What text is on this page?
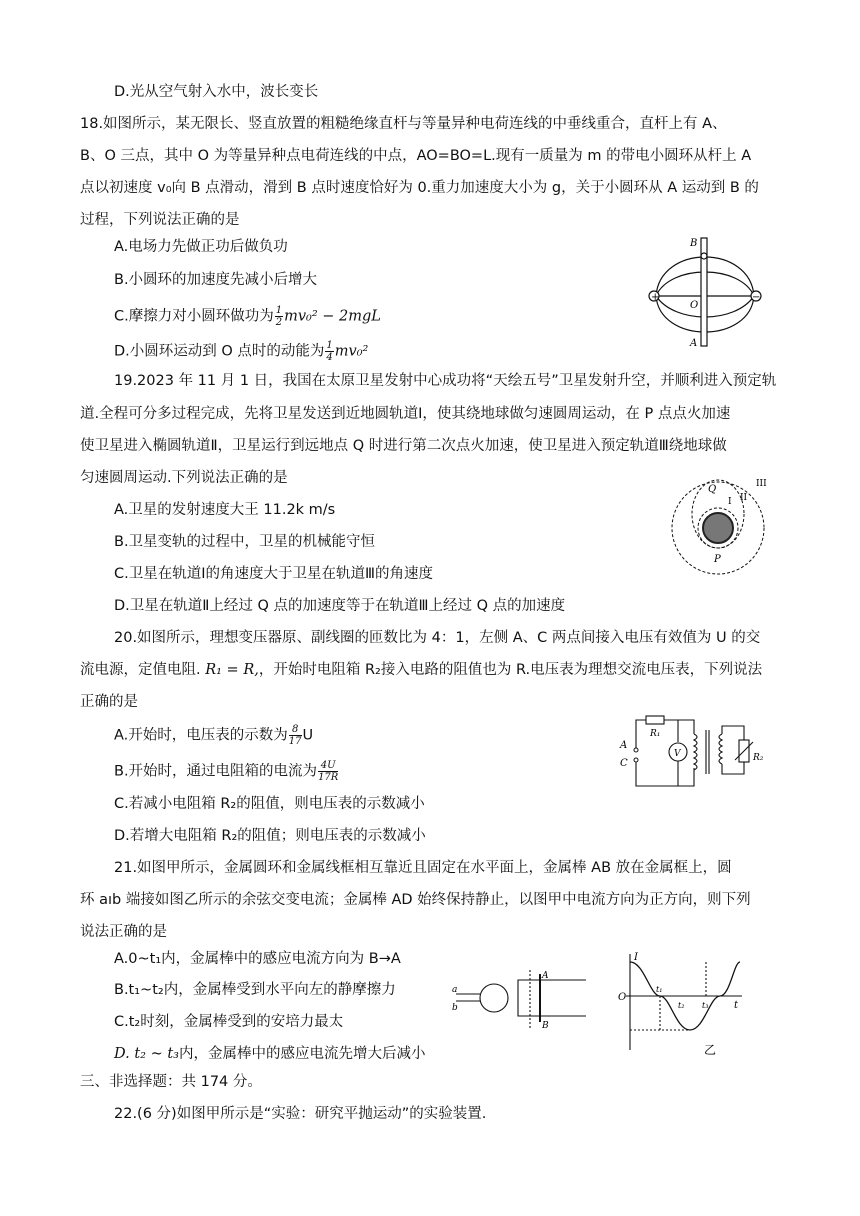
D.光从空气射入水中，波长变长
18.如图所示，某无限长、竖直放置的粗糙绝缘直杆与等量异种电荷连线的中垂线重合，直杆上有 A、
B、O 三点，其中 O 为等量异种点电荷连线的中点，AO=BO=L.现有一质量为 m 的带电小圆环从杆上 A
点以初速度 v₀向 B 点滑动，滑到 B 点时速度恰好为 0.重力加速度大小为 g，关于小圆环从 A 运动到 B 的
过程，下列说法正确的是
A.电场力先做正功后做负功
B.小圆环的加速度先减小后增大
C.摩擦力对小圆环做功为 $\frac{1}{2} mv_0^2 - 2mgL$
D.小圆环运动到 O 点时的动能为 $\frac{1}{4} mv_0^2$
+	−
B
O
A
19.2023 年 11 月 1 日，我国在太原卫星发射中心成功将“天绘五号”卫星发射升空，并顺利进入预定轨
道.全程可分多过程完成，先将卫星发送到近地圆轨道Ⅰ，使其绕地球做匀速圆周运动，在 P 点点火加速
使卫星进入椭圆轨道Ⅱ，卫星运行到远地点 Q 时进行第二次点火加速，使卫星进入预定轨道Ⅲ绕地球做
匀速圆周运动.下列说法正确的是
A.卫星的发射速度大王 11.2k m/s
B.卫星变轨的过程中，卫星的机械能守恒
C.卫星在轨道Ⅰ的角速度大于卫星在轨道Ⅲ的角速度
D.卫星在轨道Ⅱ上经过 Q 点的加速度等于在轨道Ⅲ上经过 Q 点的加速度
Q
P
I II
III
20.如图所示，理想变压器原、副线圈的匝数比为 4：1，左侧 A、C 两点间接入电压有效值为 U 的交
流电源，定值电阻. R₁ = R,，开始时电阻箱 R₂接入电路的阻值也为 R.电压表为理想交流电压表，下列说法
正确的是
A.开始时，电压表的示数为 $\frac{8}{17}$ U
B.开始时，通过电阻箱的电流为 $\frac{4U}{17R}$
C.若减小电阻箱 R₂的阻值，则电压表的示数减小
D.若增大电阻箱 R₂的阻值；则电压表的示数减小
A
C
R₁
V	R₂
21.如图甲所示，金属圆环和金属线框相互靠近且固定在水平面上，金属棒 AB 放在金属框上，圆
环 aıb 端接如图乙所示的余弦交变电流；金属棒 AD 始终保持静止，以图甲中电流方向为正方向，则下列
说法正确的是
A.0~t₁内，金属棒中的感应电流方向为 B→A
B.t₁~t₂内，金属棒受到水平向左的静摩擦力
C.t₂时刻，金属棒受到的安培力最太
D. t₂ ~ t₃内，金属棒中的感应电流先增大后减小
a
b
A
B
I
O
t₁
t₂ t₃	t
乙
三、非选择题：共 174 分。
22.(6 分)如图甲所示是“实验：研究平抛运动”的实验装置.
